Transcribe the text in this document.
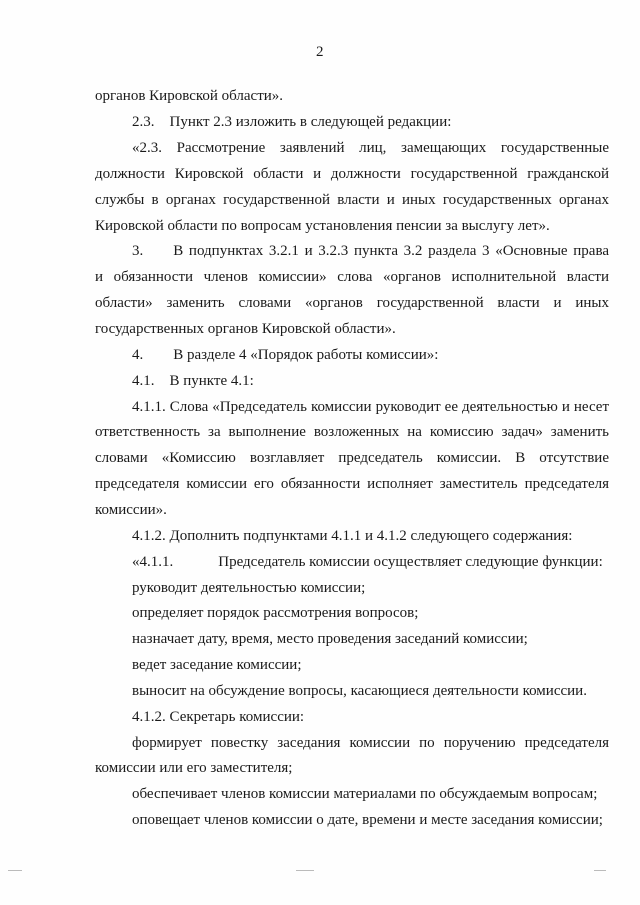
2
органов Кировской области».
2.3. Пункт 2.3 изложить в следующей редакции:
«2.3. Рассмотрение заявлений лиц, замещающих государственные
должности Кировской области и должности государственной гражданской
службы в органах государственной власти и иных государственных органах
Кировской области по вопросам установления пенсии за выслугу лет».
3.  В подпунктах 3.2.1 и 3.2.3 пункта 3.2 раздела 3 «Основные права
и обязанности членов комиссии» слова «органов исполнительной власти
области» заменить словами «органов государственной власти и иных
государственных органов Кировской области».
4.  В разделе 4 «Порядок работы комиссии»:
4.1. В пункте 4.1:
4.1.1. Слова «Председатель комиссии руководит ее деятельностью и несет
ответственность за выполнение возложенных на комиссию задач» заменить
словами «Комиссию возглавляет председатель комиссии. В отсутствие
председателя комиссии его обязанности исполняет заместитель председателя
комиссии».
4.1.2. Дополнить подпунктами 4.1.1 и 4.1.2 следующего содержания:
«4.1.1.   Председатель комиссии осуществляет следующие функции:
руководит деятельностью комиссии;
определяет порядок рассмотрения вопросов;
назначает дату, время, место проведения заседаний комиссии;
ведет заседание комиссии;
выносит на обсуждение вопросы, касающиеся деятельности комиссии.
4.1.2. Секретарь комиссии:
формирует повестку заседания комиссии по поручению председателя
комиссии или его заместителя;
обеспечивает членов комиссии материалами по обсуждаемым вопросам;
оповещает членов комиссии о дате, времени и месте заседания комиссии;
